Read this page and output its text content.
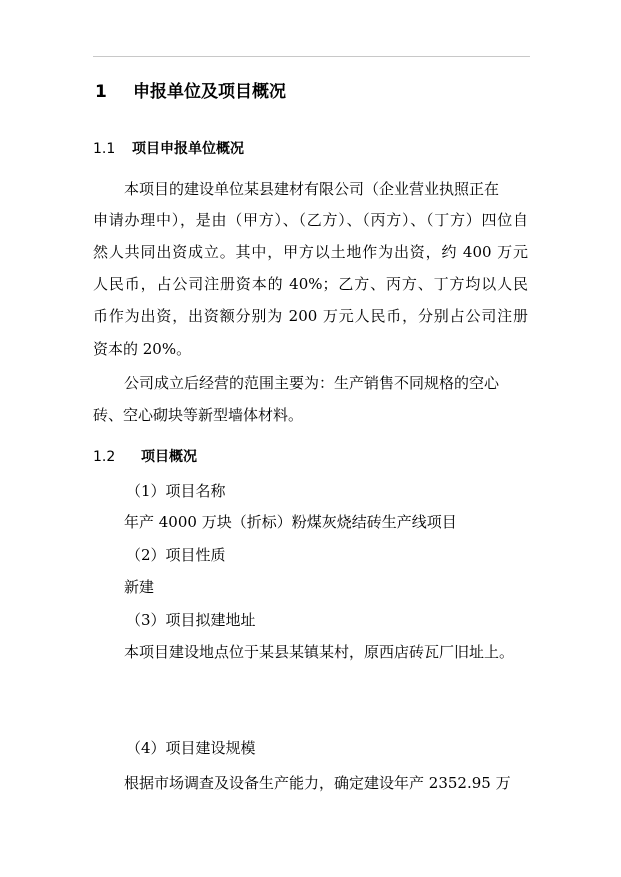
1 申报单位及项目概况
1.1 项目申报单位概况
本项目的建设单位某县建材有限公司（企业营业执照正在
申请办理中），是由（甲方）、（乙方）、（丙方）、（丁方）四位自
然人共同出资成立。其中，甲方以土地作为出资，约 400 万元
人民币，占公司注册资本的 40%；乙方、丙方、丁方均以人民
币作为出资，出资额分别为 200 万元人民币，分别占公司注册
资本的 20%。
公司成立后经营的范围主要为：生产销售不同规格的空心
砖、空心砌块等新型墙体材料。
1.2 项目概况
（1）项目名称
年产 4000 万块（折标）粉煤灰烧结砖生产线项目
（2）项目性质
新建
（3）项目拟建地址
本项目建设地点位于某县某镇某村，原西店砖瓦厂旧址上。
（4）项目建设规模
根据市场调查及设备生产能力，确定建设年产 2352.95 万
